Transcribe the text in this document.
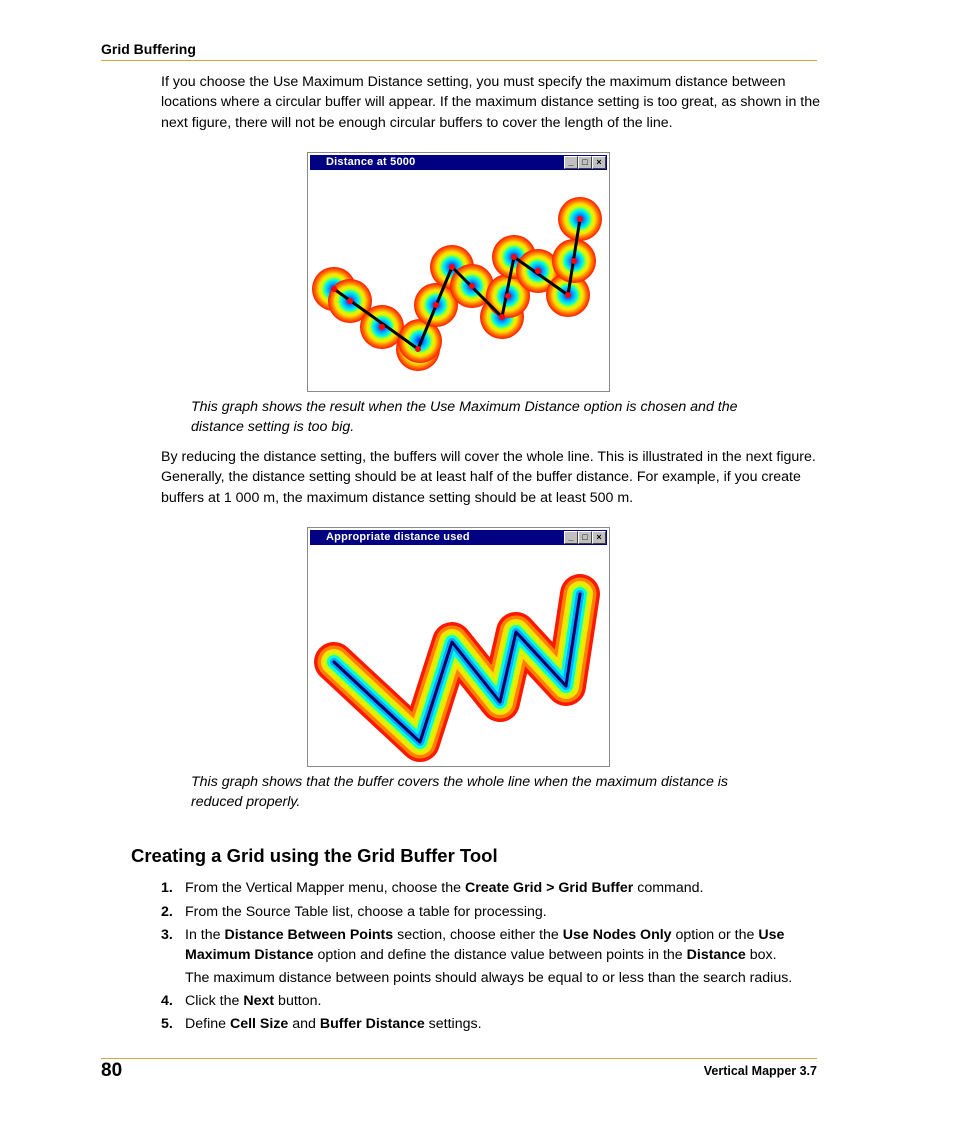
Grid Buffering

If you choose the Use Maximum Distance setting, you must specify the maximum distance between locations where a circular buffer will appear. If the maximum distance setting is too great, as shown in the next figure, there will not be enough circular buffers to cover the length of the line.

Distance at 5000	_ □ ×

This graph shows the result when the Use Maximum Distance option is chosen and the distance setting is too big.

By reducing the distance setting, the buffers will cover the whole line. This is illustrated in the next figure. Generally, the distance setting should be at least half of the buffer distance. For example, if you create buffers at 1 000 m, the maximum distance setting should be at least 500 m.

Appropriate distance used	_ □ ×

This graph shows that the buffer covers the whole line when the maximum distance is reduced properly.

Creating a Grid using the Grid Buffer Tool
1. From the Vertical Mapper menu, choose the Create Grid > Grid Buffer command.
2. From the Source Table list, choose a table for processing.
3. In the Distance Between Points section, choose either the Use Nodes Only option or the Use Maximum Distance option and define the distance value between points in the Distance box.
The maximum distance between points should always be equal to or less than the search radius.
4. Click the Next button.
5. Define Cell Size and Buffer Distance settings.
80	Vertical Mapper 3.7
